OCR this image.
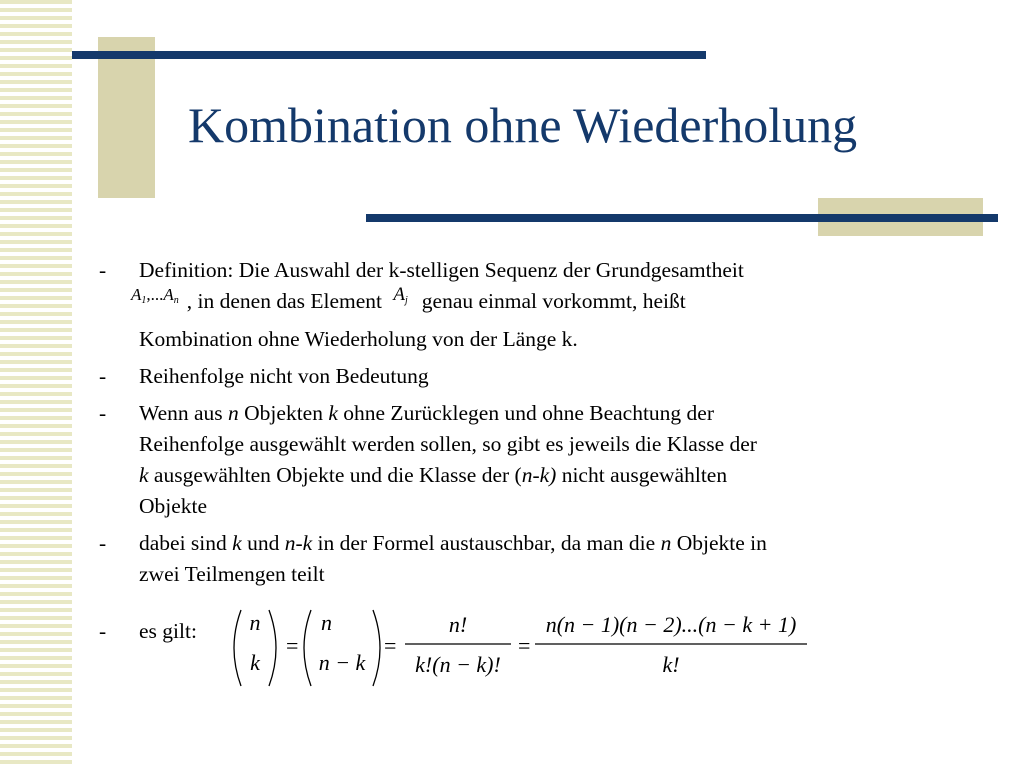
Kombination ohne Wiederholung
- Definition: Die Auswahl der k-stelligen Sequenz der Grundgesamtheit
$A_1,...A_n$ , in denen das Element $A_j$ genau einmal vorkommt, heißt
Kombination ohne Wiederholung von der Länge k.
- Reihenfolge nicht von Bedeutung
- Wenn aus n Objekten k ohne Zurücklegen und ohne Beachtung der
Reihenfolge ausgewählt werden sollen, so gibt es jeweils die Klasse der
k ausgewählten Objekte und die Klasse der (n-k) nicht ausgewählten
Objekte
- dabei sind k und n-k in der Formel austauschbar, da man die n Objekte in
zwei Teilmengen teilt
- es gilt: n
k
=
n
n − k
=
n!
k!(n − k)!
=
n(n − 1)(n − 2)...(n − k + 1)
k!
